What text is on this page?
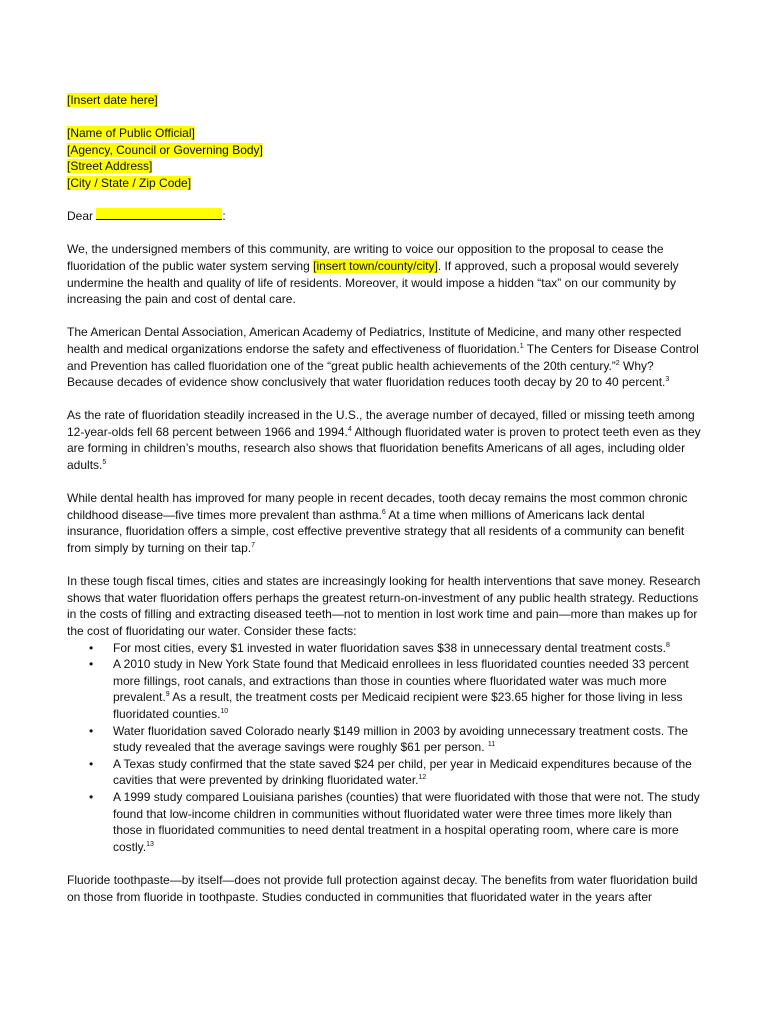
[Insert date here]

[Name of Public Official]

[Agency, Council or Governing Body]

[Street Address]

[City / State / Zip Code]

Dear	:

We, the undersigned members of this community, are writing to voice our opposition to the proposal to cease the fluoridation of the public water system serving [insert town/county/city]. If approved, such a proposal would severely undermine the health and quality of life of residents. Moreover, it would impose a hidden “tax” on our community by increasing the pain and cost of dental care.

The American Dental Association, American Academy of Pediatrics, Institute of Medicine, and many other respected health and medical organizations endorse the safety and effectiveness of fluoridation.$^1$ The Centers for Disease Control and Prevention has called fluoridation one of the “great public health achievements of the 20th century.”$^2$ Why? Because decades of evidence show conclusively that water fluoridation reduces tooth decay by 20 to 40 percent.$^3$

As the rate of fluoridation steadily increased in the U.S., the average number of decayed, filled or missing teeth among 12-year-olds fell 68 percent between 1966 and 1994.$^4$ Although fluoridated water is proven to protect teeth even as they are forming in children’s mouths, research also shows that fluoridation benefits Americans of all ages, including older adults.$^5$

While dental health has improved for many people in recent decades, tooth decay remains the most common chronic childhood disease—five times more prevalent than asthma.$^6$ At a time when millions of Americans lack dental insurance, fluoridation offers a simple, cost effective preventive strategy that all residents of a community can benefit from simply by turning on their tap.$^7$

In these tough fiscal times, cities and states are increasingly looking for health interventions that save money. Research shows that water fluoridation offers perhaps the greatest return-on-investment of any public health strategy. Reductions in the costs of filling and extracting diseased teeth—not to mention in lost work time and pain—more than makes up for the cost of fluoridating our water. Consider these facts:

• For most cities, every $1 invested in water fluoridation saves $38 in unnecessary dental treatment costs.$^8$
• A 2010 study in New York State found that Medicaid enrollees in less fluoridated counties needed 33 percent more fillings, root canals, and extractions than those in counties where fluoridated water was much more prevalent.$^9$ As a result, the treatment costs per Medicaid recipient were $23.65 higher for those living in less fluoridated counties.$^{10}$
• Water fluoridation saved Colorado nearly $149 million in 2003 by avoiding unnecessary treatment costs. The study revealed that the average savings were roughly $61 per person. $^{11}$
• A Texas study confirmed that the state saved $24 per child, per year in Medicaid expenditures because of the cavities that were prevented by drinking fluoridated water.$^{12}$
• A 1999 study compared Louisiana parishes (counties) that were fluoridated with those that were not. The study found that low-income children in communities without fluoridated water were three times more likely than those in fluoridated communities to need dental treatment in a hospital operating room, where care is more costly.$^{13}$

Fluoride toothpaste—by itself—does not provide full protection against decay. The benefits from water fluoridation build on those from fluoride in toothpaste. Studies conducted in communities that fluoridated water in the years after
